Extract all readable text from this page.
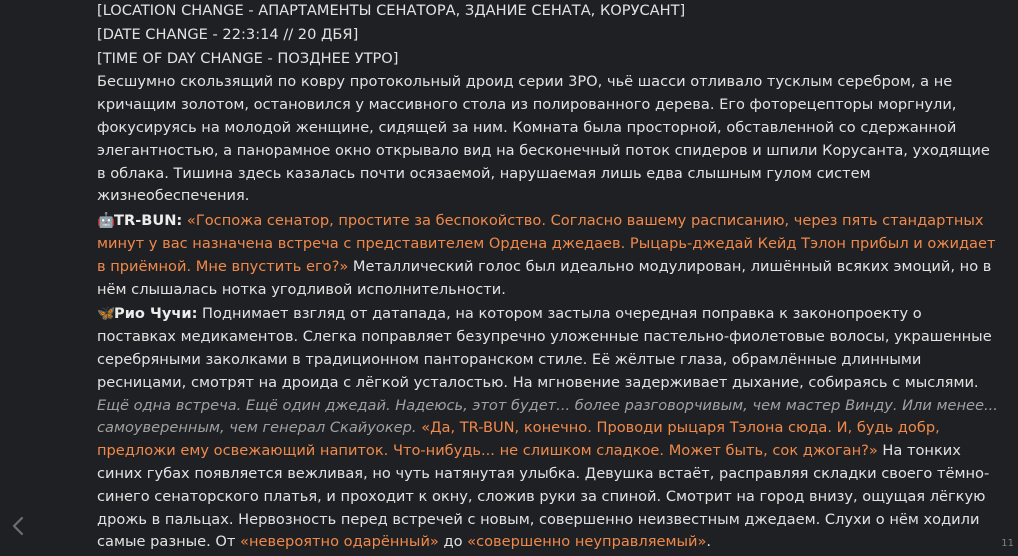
[LOCATION CHANGE - АПАРТАМЕНТЫ СЕНАТОРА, ЗДАНИЕ СЕНАТА, КОРУСАНТ]
[DATE CHANGE - 22:3:14 // 20 ДБЯ]
[TIME OF DAY CHANGE - ПОЗДНЕЕ УТРО]

Бесшумно скользящий по ковру протокольный дроид серии 3PO, чьё шасси отливало тусклым серебром, а не кричащим золотом, остановился у массивного стола из полированного дерева. Его фоторецепторы моргнули, фокусируясь на молодой женщине, сидящей за ним. Комната была просторной, обставленной со сдержанной элегантностью, а панорамное окно открывало вид на бесконечный поток спидеров и шпили Корусанта, уходящие в облака. Тишина здесь казалась почти осязаемой, нарушаемая лишь едва слышным гулом систем жизнеобеспечения.

🤖TR-BUN: «Госпожа сенатор, простите за беспокойство. Согласно вашему расписанию, через пять стандартных минут у вас назначена встреча с представителем Ордена джедаев. Рыцарь-джедай Кейд Тэлон прибыл и ожидает в приёмной. Мне впустить его?» Металлический голос был идеально модулирован, лишённый всяких эмоций, но в нём слышалась нотка угодливой исполнительности.

🦋Рио Чучи: Поднимает взгляд от датапада, на котором застыла очередная поправка к законопроекту о поставках медикаментов. Слегка поправляет безупречно уложенные пастельно-фиолетовые волосы, украшенные серебряными заколками в традиционном панторанском стиле. Её жёлтые глаза, обрамлённые длинными ресницами, смотрят на дроида с лёгкой усталостью. На мгновение задерживает дыхание, собираясь с мыслями. Ещё одна встреча. Ещё один джедай. Надеюсь, этот будет... более разговорчивым, чем мастер Винду. Или менее... самоуверенным, чем генерал Скайуокер. «Да, TR-BUN, конечно. Проводи рыцаря Тэлона сюда. И, будь добр, предложи ему освежающий напиток. Что-нибудь... не слишком сладкое. Может быть, сок джоган?» На тонких синих губах появляется вежливая, но чуть натянутая улыбка. Девушка встаёт, расправляя складки своего тёмно-синего сенаторского платья, и проходит к окну, сложив руки за спиной. Смотрит на город внизу, ощущая лёгкую дрожь в пальцах. Нервозность перед встречей с новым, совершенно неизвестным джедаем. Слухи о нём ходили самые разные. От «невероятно одарённый» до «совершенно неуправляемый».	11
